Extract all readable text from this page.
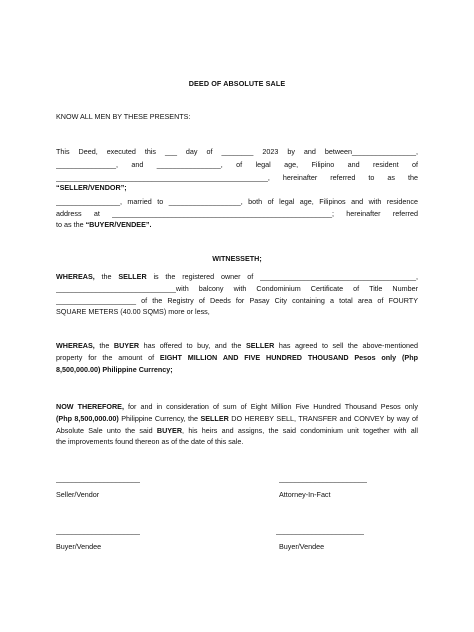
DEED OF ABSOLUTE SALE
KNOW ALL MEN BY THESE PRESENTS:
This Deed, executed this ___ day of ________ 2023 by and between________________,
_______________, and ________________, of legal age, Filipino and resident of
_____________________________________________________, hereinafter referred to as the
“SELLER/VENDOR”;
________________, married to __________________, both of legal age, Filipinos and with residence
address at _______________________________________________________; hereinafter referred
to as the “BUYER/VENDEE”.
WITNESSETH;
WHEREAS, the SELLER is the registered owner of _______________________________________,
______________________________with balcony with Condominium Certificate of Title Number
____________________ of the Registry of Deeds for Pasay City containing a total area of FOURTY
SQUARE METERS (40.00 SQMS) more or less,
WHEREAS, the BUYER has offered to buy, and the SELLER has agreed to sell the above-mentioned
property for the amount of EIGHT MILLION AND FIVE HUNDRED THOUSAND Pesos only (Php
8,500,000.00) Philippine Currency;
NOW THEREFORE, for and in consideration of sum of Eight Million Five Hundred Thousand Pesos only
(Php 8,500,000.00) Philippine Currency, the SELLER DO HEREBY SELL, TRANSFER and CONVEY by way of
Absolute Sale unto the said BUYER, his heirs and assigns, the said condominium unit together with all
the improvements found thereon as of the date of this sale.
_____________________	______________________
Seller/Vendor	Attorney-In-Fact
_____________________	______________________
Buyer/Vendee	Buyer/Vendee
